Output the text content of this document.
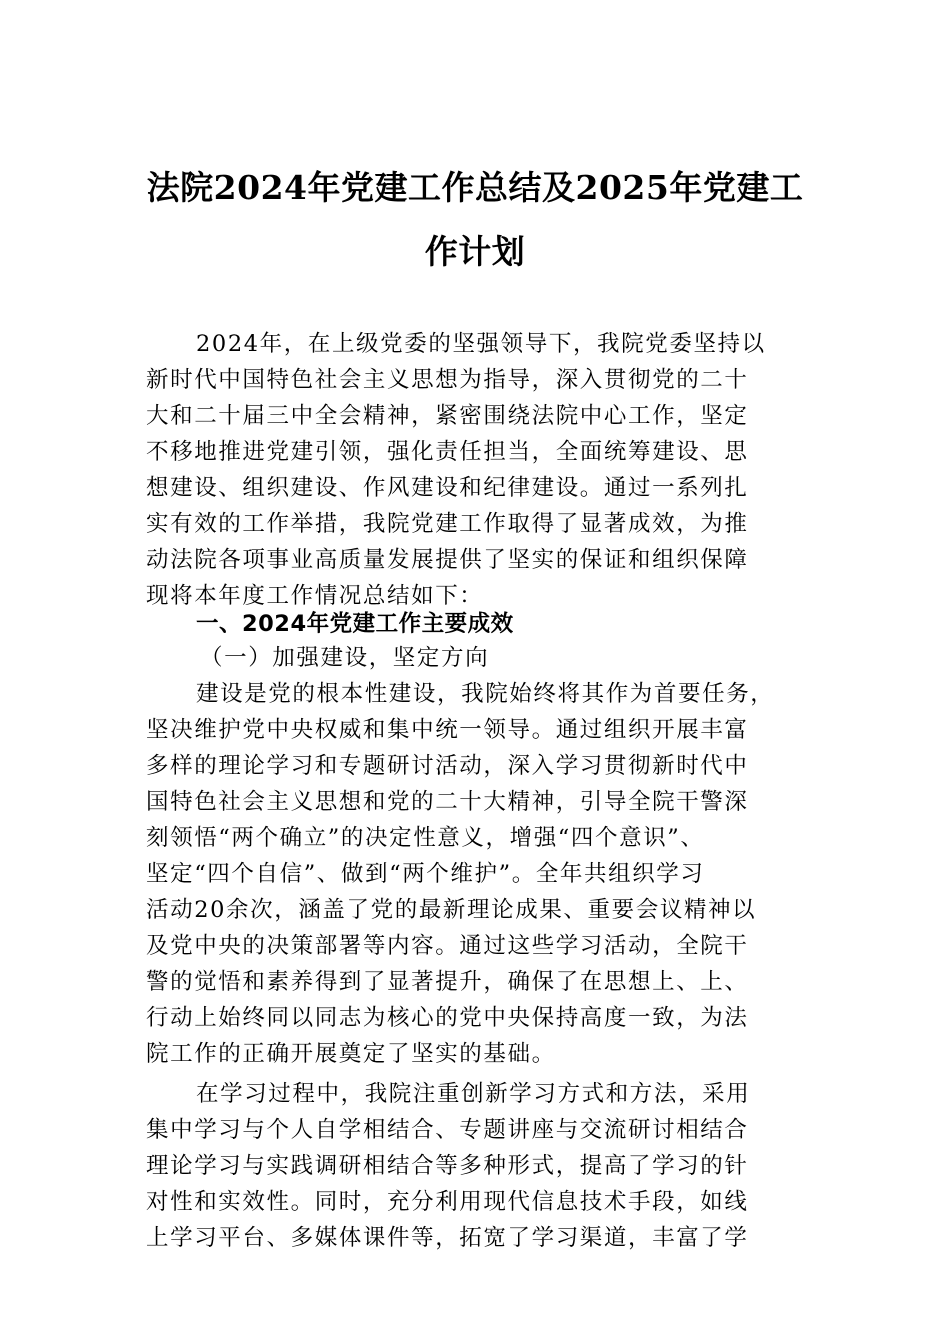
法院2024年党建工作总结及2025年党建工
作计划
2024年，在上级党委的坚强领导下，我院党委坚持以
新时代中国特色社会主义思想为指导，深入贯彻党的二十
大和二十届三中全会精神，紧密围绕法院中心工作，坚定
不移地推进党建引领，强化责任担当，全面统筹建设、思
想建设、组织建设、作风建设和纪律建设。通过一系列扎
实有效的工作举措，我院党建工作取得了显著成效，为推
动法院各项事业高质量发展提供了坚实的保证和组织保障
现将本年度工作情况总结如下：
一、2024年党建工作主要成效
（一）加强建设，坚定方向
建设是党的根本性建设，我院始终将其作为首要任务，
坚决维护党中央权威和集中统一领导。通过组织开展丰富
多样的理论学习和专题研讨活动，深入学习贯彻新时代中
国特色社会主义思想和党的二十大精神，引导全院干警深
刻领悟“两个确立”的决定性意义，增强“四个意识”、
坚定“四个自信”、做到“两个维护”。全年共组织学习
活动20余次，涵盖了党的最新理论成果、重要会议精神以
及党中央的决策部署等内容。通过这些学习活动，全院干
警的觉悟和素养得到了显著提升，确保了在思想上、上、
行动上始终同以同志为核心的党中央保持高度一致，为法
院工作的正确开展奠定了坚实的基础。
在学习过程中，我院注重创新学习方式和方法，采用
集中学习与个人自学相结合、专题讲座与交流研讨相结合
理论学习与实践调研相结合等多种形式，提高了学习的针
对性和实效性。同时，充分利用现代信息技术手段，如线
上学习平台、多媒体课件等，拓宽了学习渠道，丰富了学
